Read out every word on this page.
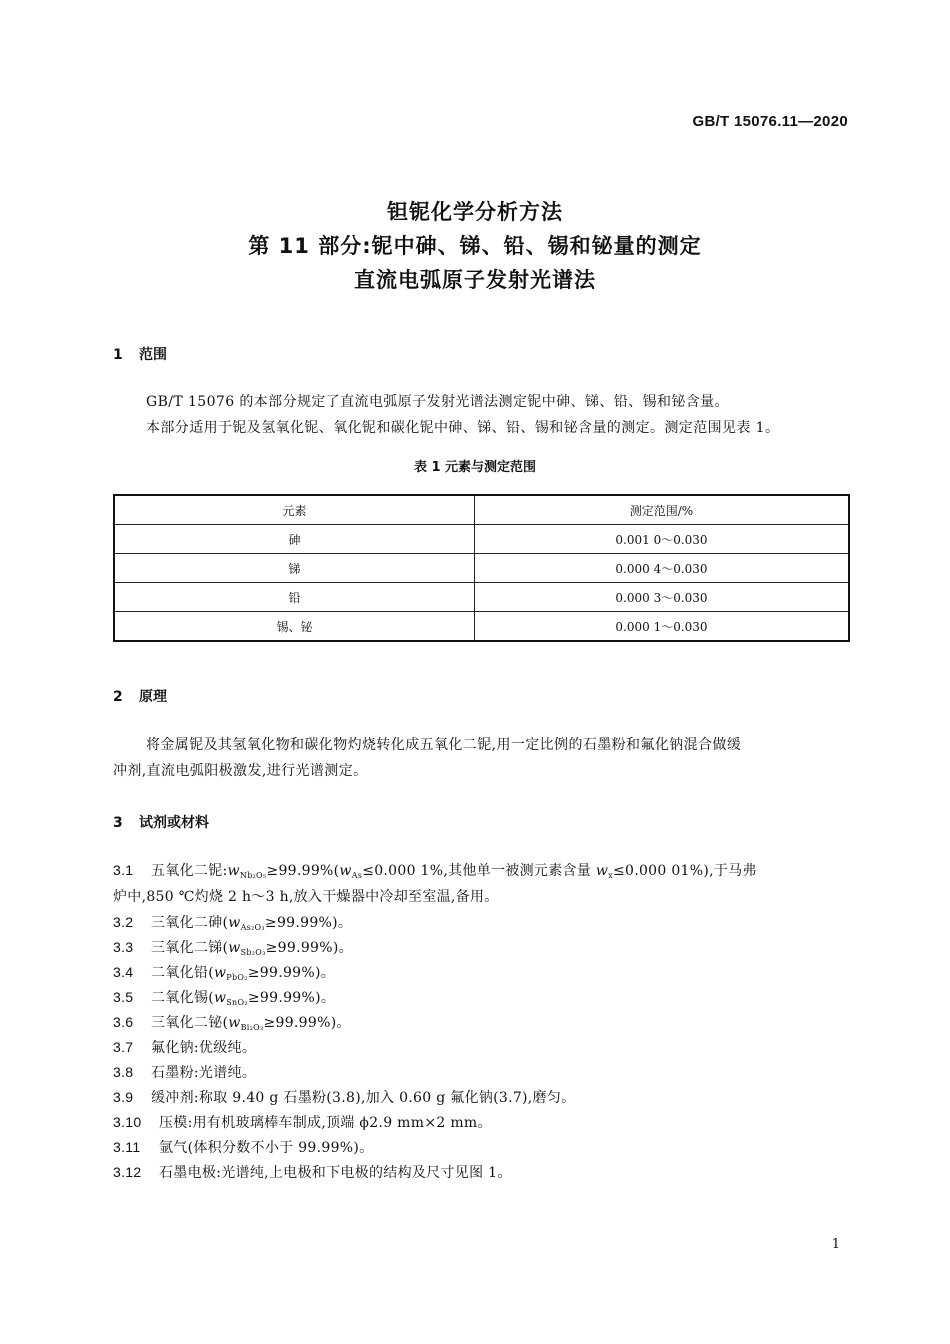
GB/T 15076.11—2020
钽铌化学分析方法
第 11 部分:铌中砷、锑、铅、锡和铋量的测定
直流电弧原子发射光谱法
1 范围
GB/T 15076 的本部分规定了直流电弧原子发射光谱法测定铌中砷、锑、铅、锡和铋含量。
本部分适用于铌及氢氧化铌、氧化铌和碳化铌中砷、锑、铅、锡和铋含量的测定。测定范围见表 1。
表 1 元素与测定范围
元素	测定范围/%
砷	0.001 0～0.030
锑	0.000 4～0.030
铅	0.000 3～0.030
锡、铋	0.000 1～0.030
2 原理
将金属铌及其氢氧化物和碳化物灼烧转化成五氧化二铌,用一定比例的石墨粉和氟化钠混合做缓
冲剂,直流电弧阳极激发,进行光谱测定。
3 试剂或材料
3.1 五氧化二铌$:w_{Nb_2O_5}\ge 99.99\%(w_{As}\le 0.000$ 1%,其他单一被测元素含量 $w_x\le 0.000$ 01%),于马弗
炉中,850 ℃灼烧 2 h～3 h,放入干燥器中冷却至室温,备用。
3.2 三氧化二砷$(w_{As_2O_3}\ge 99.99\%)$。
3.3 三氧化二锑$(w_{Sb_2O_3}\ge 99.99\%)$。
3.4 二氧化铅$(w_{PbO_2}\ge 99.99\%)$。
3.5 二氧化锡$(w_{SnO_2}\ge 99.99\%)$。
3.6 三氧化二铋$(w_{Bi_2O_3}\ge 99.99\%)$。
3.7 氟化钠:优级纯。
3.8 石墨粉:光谱纯。
3.9 缓冲剂:称取 9.40 g 石墨粉(3.8),加入 0.60 g 氟化钠(3.7),磨匀。
3.10 压模:用有机玻璃棒车制成,顶端 ϕ2.9 mm×2 mm。
3.11 氩气(体积分数不小于 99.99%)。
3.12 石墨电极:光谱纯,上电极和下电极的结构及尺寸见图 1。
1
